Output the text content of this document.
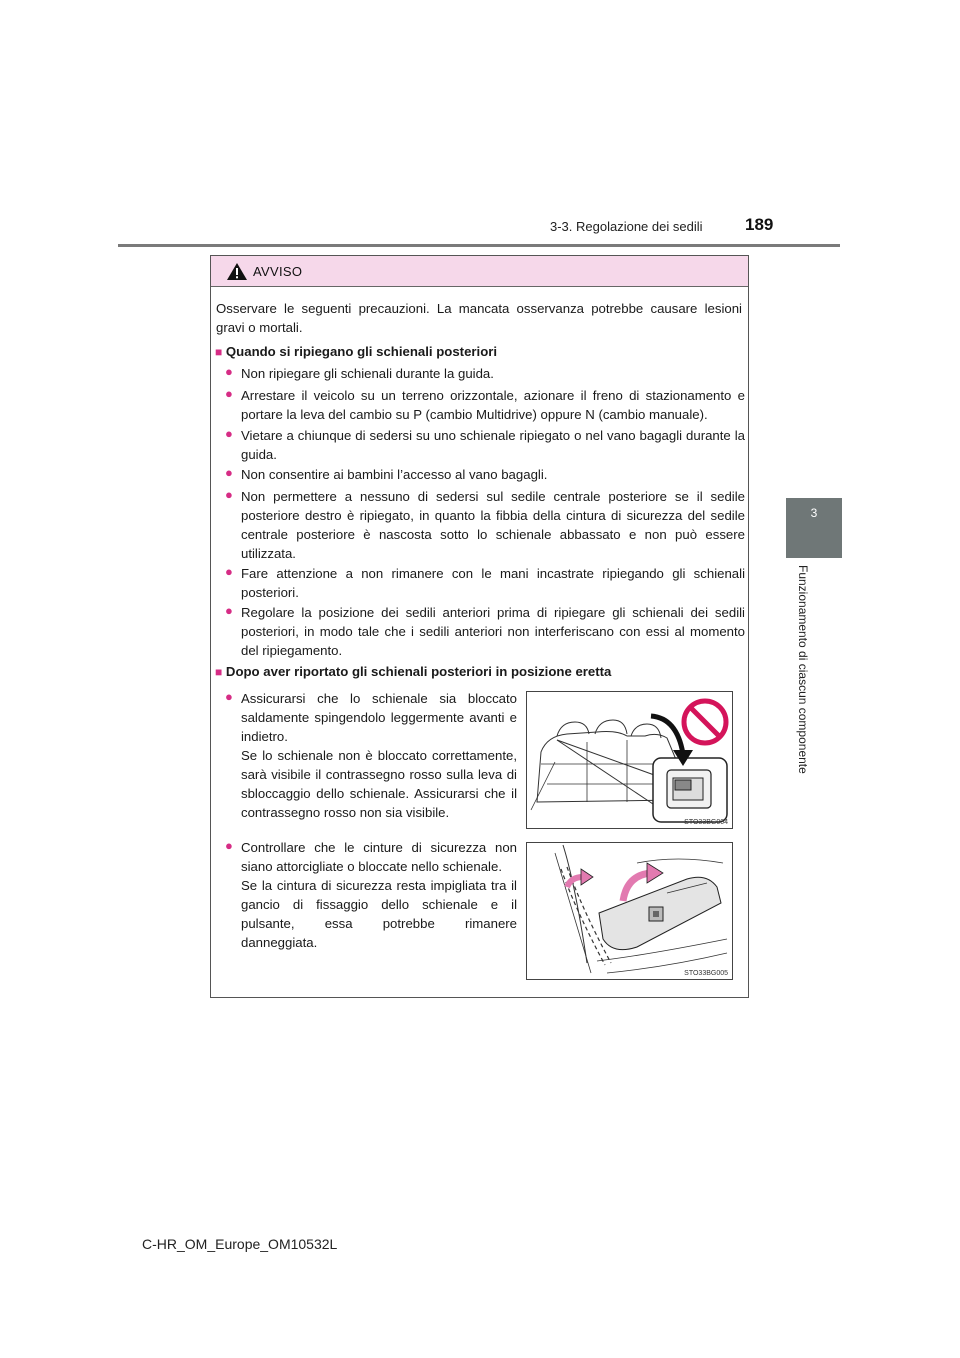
3-3. Regolazione dei sedili	189
3
Funzionamento di ciascun componente
AVVISO
Osservare le seguenti precauzioni. La mancata osservanza potrebbe causare lesioni gravi o mortali.
■ Quando si ripiegano gli schienali posteriori
● Non ripiegare gli schienali durante la guida.
● Arrestare il veicolo su un terreno orizzontale, azionare il freno di stazionamento e portare la leva del cambio su P (cambio Multidrive) oppure N (cambio manuale).
● Vietare a chiunque di sedersi su uno schienale ripiegato o nel vano bagagli durante la guida.
● Non consentire ai bambini l’accesso al vano bagagli.
● Non permettere a nessuno di sedersi sul sedile centrale posteriore se il sedile posteriore destro è ripiegato, in quanto la fibbia della cintura di sicurezza del sedile centrale posteriore è nascosta sotto lo schienale abbassato e non può essere utilizzata.
● Fare attenzione a non rimanere con le mani incastrate ripiegando gli schienali posteriori.
● Regolare la posizione dei sedili anteriori prima di ripiegare gli schienali dei sedili posteriori, in modo tale che i sedili anteriori non interferiscano con essi al momento del ripiegamento.
■ Dopo aver riportato gli schienali posteriori in posizione eretta
● Assicurarsi che lo schienale sia bloccato saldamente spingendolo leggermente avanti e indietro.
Se lo schienale non è bloccato correttamente, sarà visibile il contrassegno rosso sulla leva di sbloccaggio dello schienale. Assicurarsi che il contrassegno rosso non sia visibile.
STO33BG004
● Controllare che le cinture di sicurezza non siano attorcigliate o bloccate nello schienale.
Se la cintura di sicurezza resta impigliata tra il gancio di fissaggio dello schienale e il pulsante, essa potrebbe rimanere danneggiata.
STO33BG005
C-HR_OM_Europe_OM10532L
